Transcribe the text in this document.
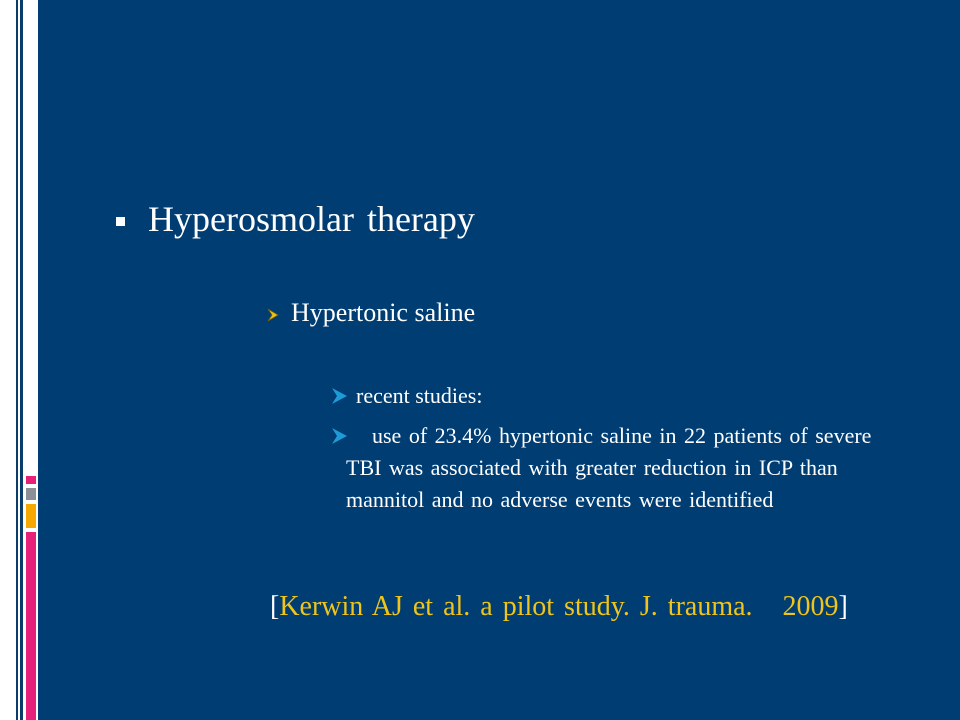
Hyperosmolar therapy
Hypertonic saline
recent studies:
use of 23.4% hypertonic saline in 22 patients of severe TBI was associated with greater reduction in ICP than mannitol and no adverse events were identified
[Kerwin AJ et al. a pilot study. J. trauma. 2009]
